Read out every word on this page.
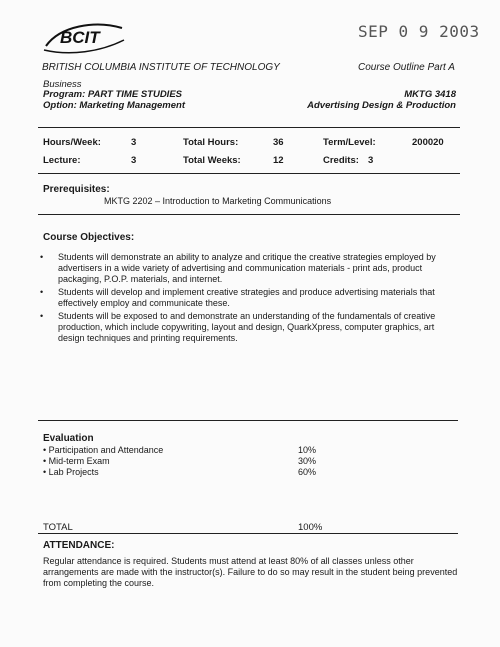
BCIT	SEP 0 9 2003
BRITISH COLUMBIA INSTITUTE OF TECHNOLOGY	Course Outline Part A
Business
Program: PART TIME STUDIES
Option: Marketing Management
MKTG 3418
Advertising Design & Production
Hours/Week:	3	Total Hours:	36	Term/Level:	200020
Lecture:	3	Total Weeks:	12	Credits: 3
Prerequisites:
MKTG 2202 – Introduction to Marketing Communications
Course Objectives:
• Students will demonstrate an ability to analyze and critique the creative strategies employed by advertisers in a wide variety of advertising and communication materials - print ads, product packaging, P.O.P. materials, and internet.
• Students will develop and implement creative strategies and produce advertising materials that effectively employ and communicate these.
• Students will be exposed to and demonstrate an understanding of the fundamentals of creative production, which include copywriting, layout and design, QuarkXpress, computer graphics, art design techniques and printing requirements.
Evaluation
• Participation and Attendance	10%
• Mid-term Exam	30%
• Lab Projects	60%
TOTAL	100%
ATTENDANCE:
Regular attendance is required. Students must attend at least 80% of all classes unless other arrangements are made with the instructor(s). Failure to do so may result in the student being prevented from completing the course.
